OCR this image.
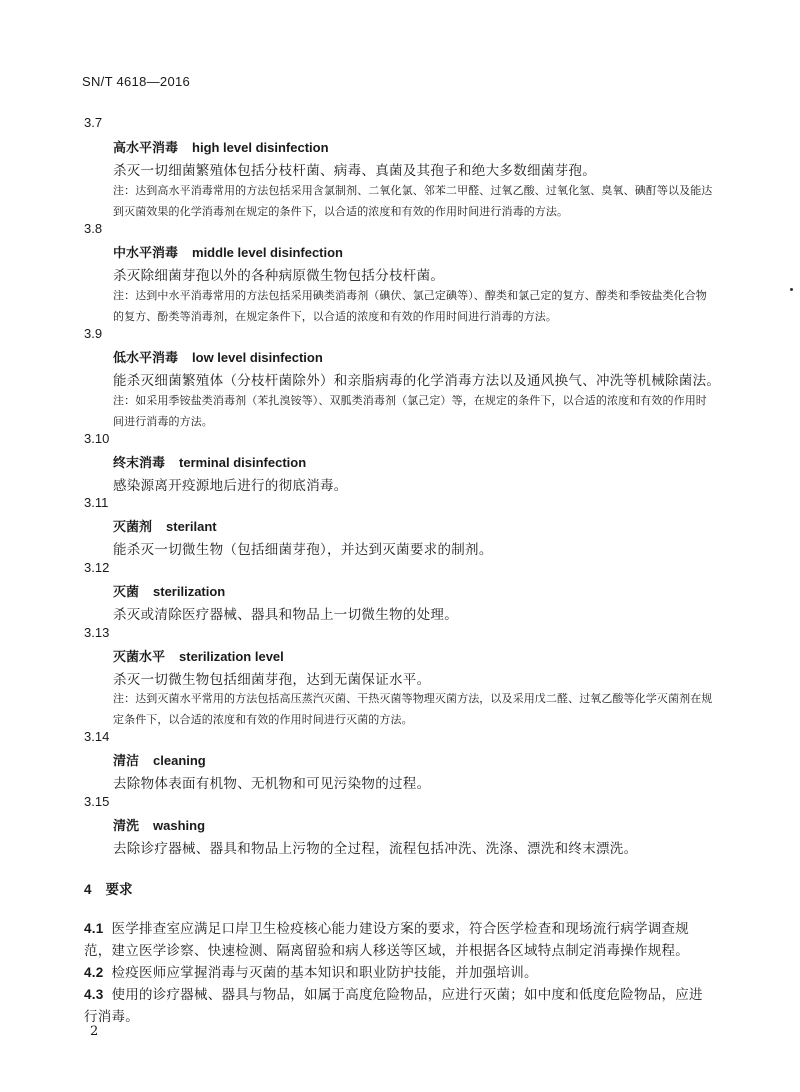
SN/T 4618—2016
3.7
高水平消毒 high level disinfection
杀灭一切细菌繁殖体包括分枝杆菌、病毒、真菌及其孢子和绝大多数细菌芽孢。
注：达到高水平消毒常用的方法包括采用含氯制剂、二氧化氯、邻苯二甲醛、过氧乙酸、过氧化氢、臭氧、碘酊等以及能达到灭菌效果的化学消毒剂在规定的条件下，以合适的浓度和有效的作用时间进行消毒的方法。
3.8
中水平消毒 middle level disinfection
杀灭除细菌芽孢以外的各种病原微生物包括分枝杆菌。
注：达到中水平消毒常用的方法包括采用碘类消毒剂（碘伏、氯己定碘等）、醇类和氯己定的复方、醇类和季铵盐类化合物的复方、酚类等消毒剂，在规定条件下，以合适的浓度和有效的作用时间进行消毒的方法。
3.9
低水平消毒 low level disinfection
能杀灭细菌繁殖体（分枝杆菌除外）和亲脂病毒的化学消毒方法以及通风换气、冲洗等机械除菌法。
注：如采用季铵盐类消毒剂（苯扎溴铵等）、双胍类消毒剂（氯己定）等，在规定的条件下，以合适的浓度和有效的作用时间进行消毒的方法。
3.10
终末消毒 terminal disinfection
感染源离开疫源地后进行的彻底消毒。
3.11
灭菌剂 sterilant
能杀灭一切微生物（包括细菌芽孢），并达到灭菌要求的制剂。
3.12
灭菌 sterilization
杀灭或清除医疗器械、器具和物品上一切微生物的处理。
3.13
灭菌水平 sterilization level
杀灭一切微生物包括细菌芽孢，达到无菌保证水平。
注：达到灭菌水平常用的方法包括高压蒸汽灭菌、干热灭菌等物理灭菌方法，以及采用戊二醛、过氧乙酸等化学灭菌剂在规定条件下，以合适的浓度和有效的作用时间进行灭菌的方法。
3.14
清洁 cleaning
去除物体表面有机物、无机物和可见污染物的过程。
3.15
清洗 washing
去除诊疗器械、器具和物品上污物的全过程，流程包括冲洗、洗涤、漂洗和终末漂洗。
4 要求
4.1 医学排查室应满足口岸卫生检疫核心能力建设方案的要求，符合医学检查和现场流行病学调查规范，建立医学诊察、快速检测、隔离留验和病人移送等区域，并根据各区域特点制定消毒操作规程。
4.2 检疫医师应掌握消毒与灭菌的基本知识和职业防护技能，并加强培训。
4.3 使用的诊疗器械、器具与物品，如属于高度危险物品，应进行灭菌；如中度和低度危险物品，应进行消毒。
2
